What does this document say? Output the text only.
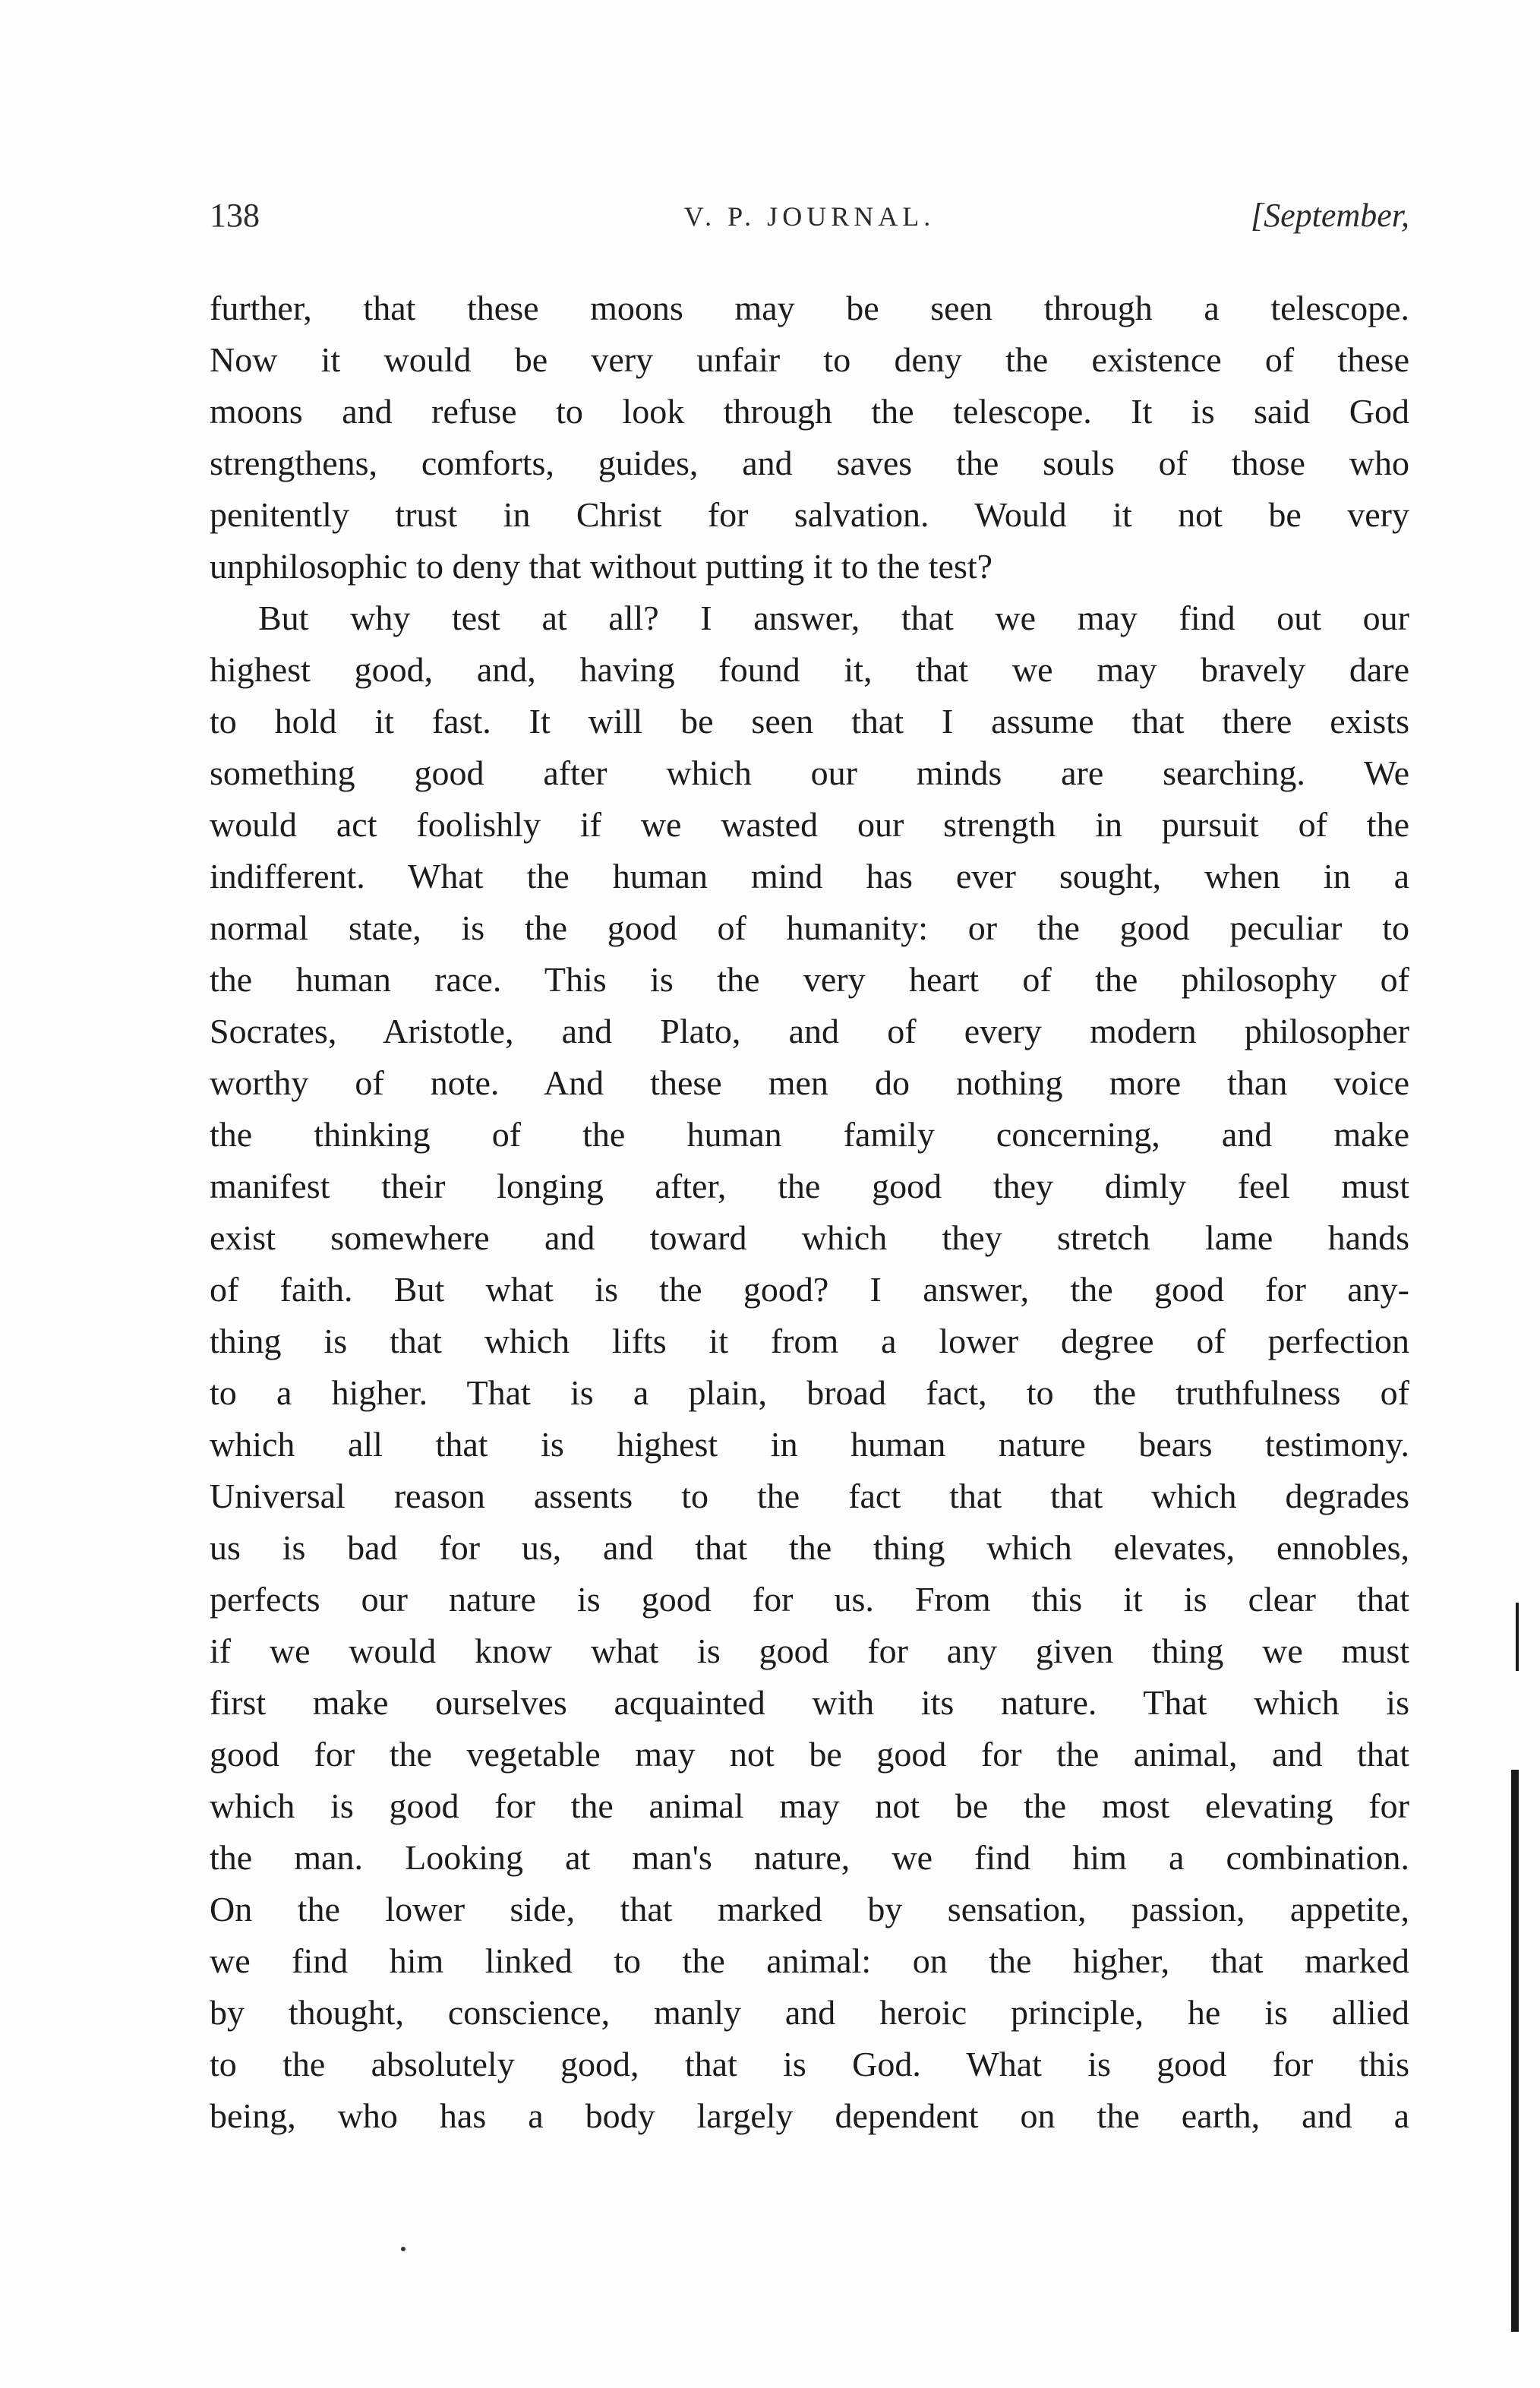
138	V. P. JOURNAL.	[September,
further, that these moons may be seen through a telescope.
Now it would be very unfair to deny the existence of these
moons and refuse to look through the telescope. It is said God
strengthens, comforts, guides, and saves the souls of those who
penitently trust in Christ for salvation. Would it not be very
unphilosophic to deny that without putting it to the test?
But why test at all? I answer, that we may find out our
highest good, and, having found it, that we may bravely dare
to hold it fast. It will be seen that I assume that there exists
something good after which our minds are searching. We
would act foolishly if we wasted our strength in pursuit of the
indifferent. What the human mind has ever sought, when in a
normal state, is the good of humanity: or the good peculiar to
the human race. This is the very heart of the philosophy of
Socrates, Aristotle, and Plato, and of every modern philosopher
worthy of note. And these men do nothing more than voice
the thinking of the human family concerning, and make
manifest their longing after, the good they dimly feel must
exist somewhere and toward which they stretch lame hands
of faith. But what is the good? I answer, the good for any-
thing is that which lifts it from a lower degree of perfection
to a higher. That is a plain, broad fact, to the truthfulness of
which all that is highest in human nature bears testimony.
Universal reason assents to the fact that that which degrades
us is bad for us, and that the thing which elevates, ennobles,
perfects our nature is good for us. From this it is clear that
if we would know what is good for any given thing we must
first make ourselves acquainted with its nature. That which is
good for the vegetable may not be good for the animal, and that
which is good for the animal may not be the most elevating for
the man. Looking at man's nature, we find him a combination.
On the lower side, that marked by sensation, passion, appetite,
we find him linked to the animal: on the higher, that marked
by thought, conscience, manly and heroic principle, he is allied
to the absolutely good, that is God. What is good for this
being, who has a body largely dependent on the earth, and a
